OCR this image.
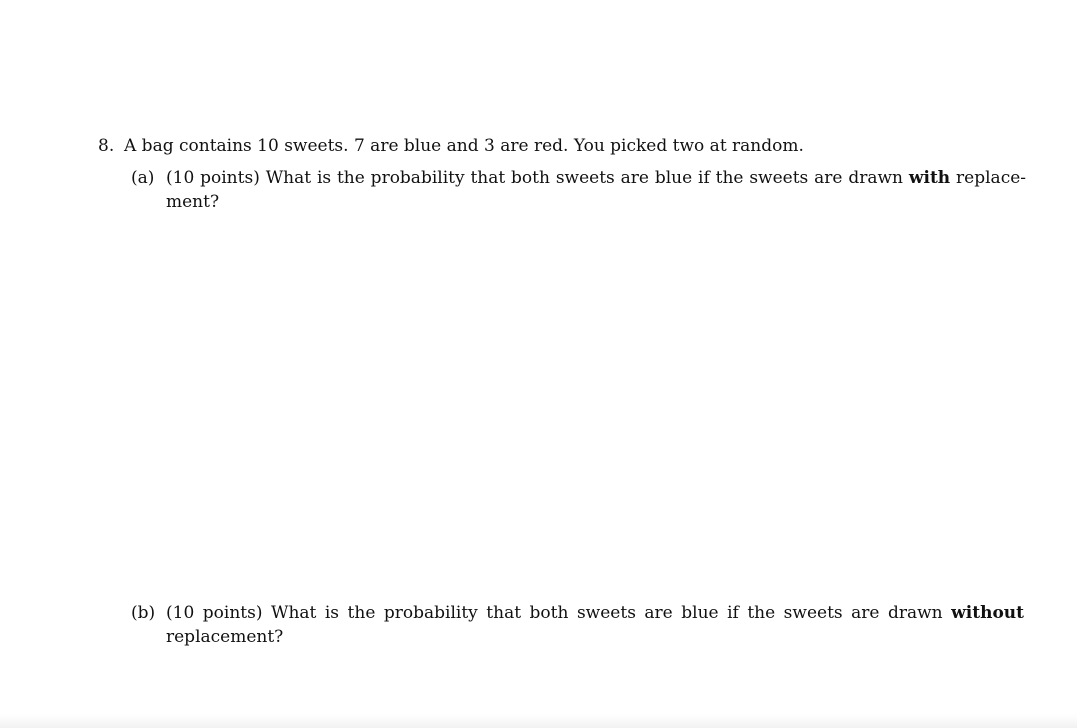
8. A bag contains 10 sweets. 7 are blue and 3 are red. You picked two at random.
(a) (10 points) What is the probability that both sweets are blue if the sweets are drawn with replace-
ment?
(b) (10 points) What is the probability that both sweets are blue if the sweets are drawn without
replacement?
